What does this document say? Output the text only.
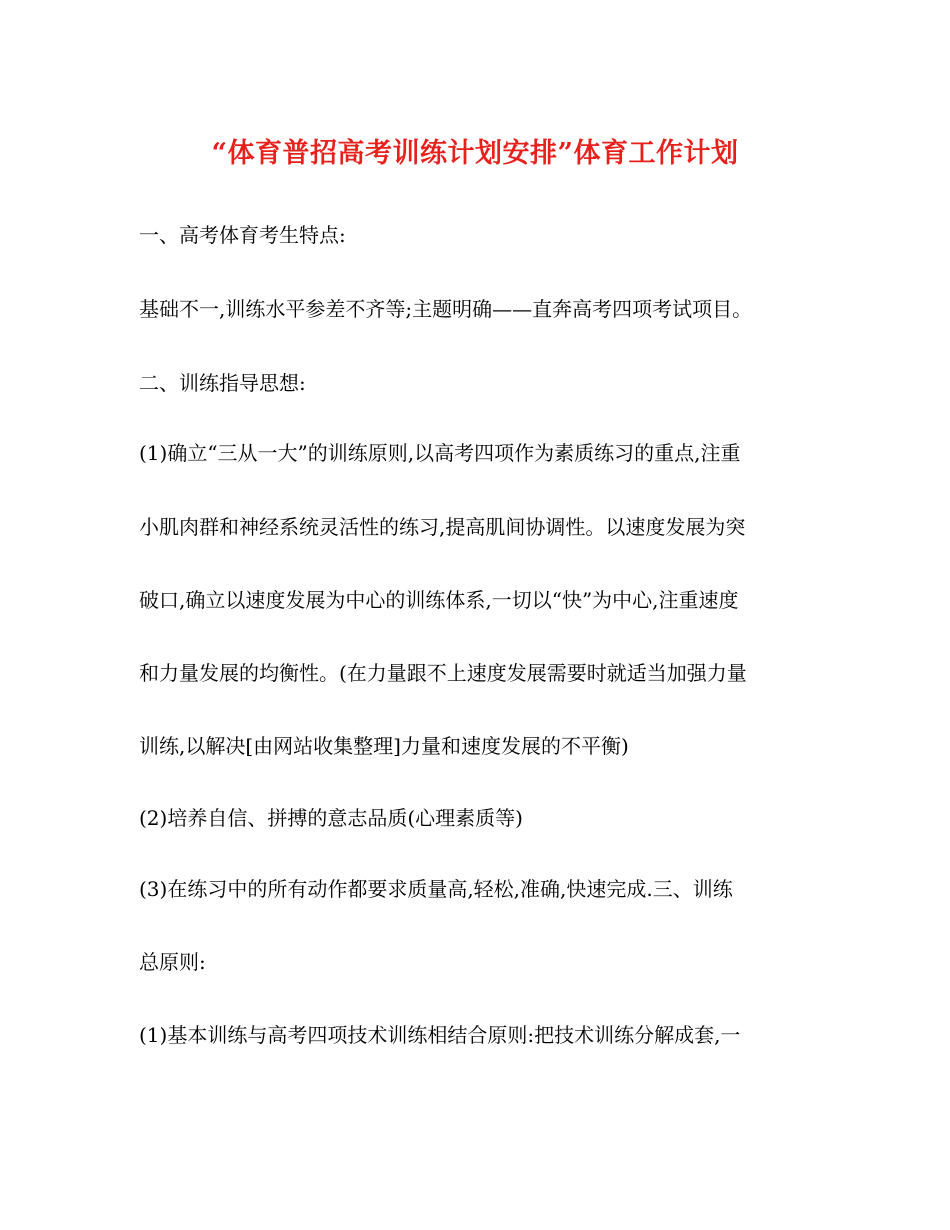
“体育普招高考训练计划安排”体育工作计划
一、高考体育考生特点:
基础不一,训练水平参差不齐等;主题明确——直奔高考四项考试项目。
二、训练指导思想:
(1)确立“三从一大”的训练原则,以高考四项作为素质练习的重点,注重
小肌肉群和神经系统灵活性的练习,提高肌间协调性。以速度发展为突
破口,确立以速度发展为中心的训练体系,一切以“快”为中心,注重速度
和力量发展的均衡性。(在力量跟不上速度发展需要时就适当加强力量
训练,以解决[由网站收集整理]力量和速度发展的不平衡)
(2)培养自信、拼搏的意志品质(心理素质等)
(3)在练习中的所有动作都要求质量高,轻松,准确,快速完成.三、训练
总原则:
(1)基本训练与高考四项技术训练相结合原则:把技术训练分解成套,一
